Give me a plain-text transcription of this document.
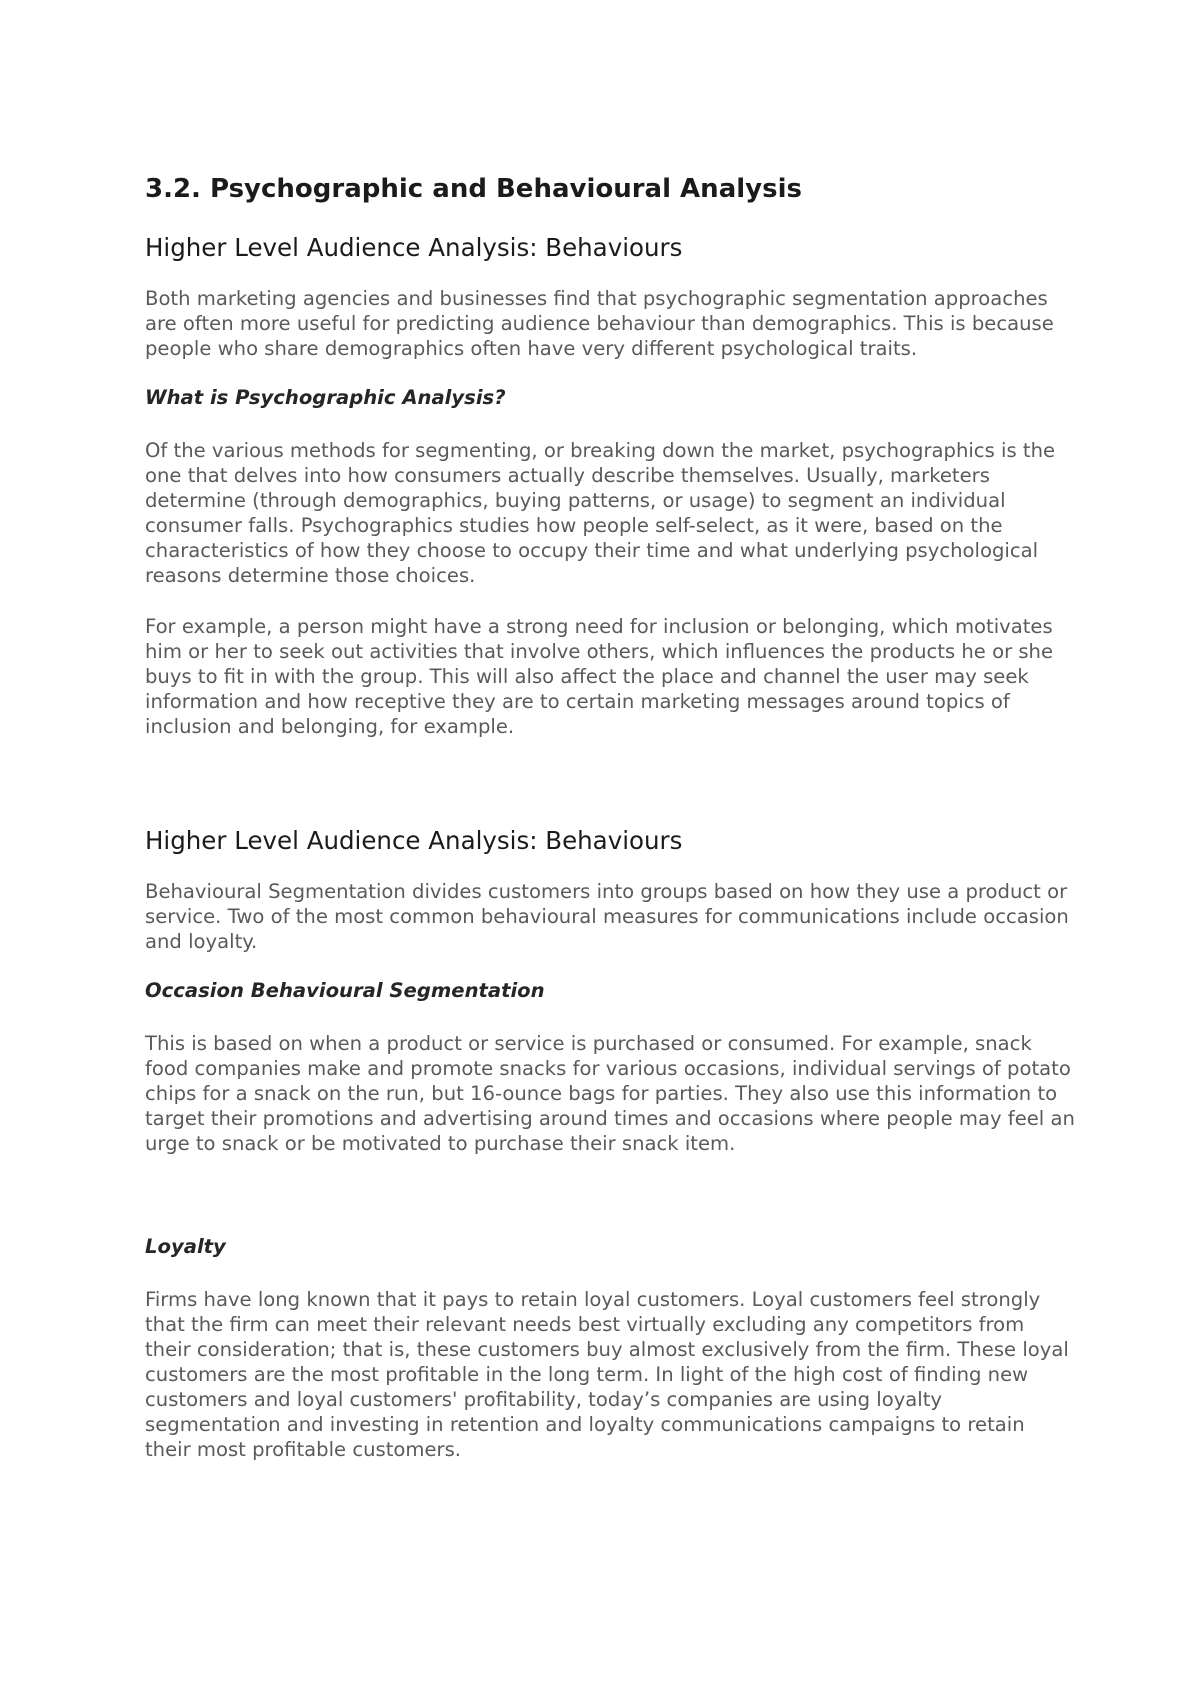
3.2. Psychographic and Behavioural Analysis
Higher Level Audience Analysis: Behaviours

Both marketing agencies and businesses find that psychographic segmentation approaches are often more useful for predicting audience behaviour than demographics. This is because people who share demographics often have very different psychological traits.

What is Psychographic Analysis?

Of the various methods for segmenting, or breaking down the market, psychographics is the one that delves into how consumers actually describe themselves. Usually, marketers determine (through demographics, buying patterns, or usage) to segment an individual consumer falls. Psychographics studies how people self-select, as it were, based on the characteristics of how they choose to occupy their time and what underlying psychological reasons determine those choices.

For example, a person might have a strong need for inclusion or belonging, which motivates him or her to seek out activities that involve others, which influences the products he or she buys to fit in with the group. This will also affect the place and channel the user may seek information and how receptive they are to certain marketing messages around topics of inclusion and belonging, for example.

Higher Level Audience Analysis: Behaviours

Behavioural Segmentation divides customers into groups based on how they use a product or service. Two of the most common behavioural measures for communications include occasion and loyalty.

Occasion Behavioural Segmentation

This is based on when a product or service is purchased or consumed. For example, snack food companies make and promote snacks for various occasions, individual servings of potato chips for a snack on the run, but 16-ounce bags for parties. They also use this information to target their promotions and advertising around times and occasions where people may feel an urge to snack or be motivated to purchase their snack item.

Loyalty

Firms have long known that it pays to retain loyal customers. Loyal customers feel strongly that the firm can meet their relevant needs best virtually excluding any competitors from their consideration; that is, these customers buy almost exclusively from the firm. These loyal customers are the most profitable in the long term. In light of the high cost of finding new customers and loyal customers' profitability, today’s companies are using loyalty segmentation and investing in retention and loyalty communications campaigns to retain their most profitable customers.
